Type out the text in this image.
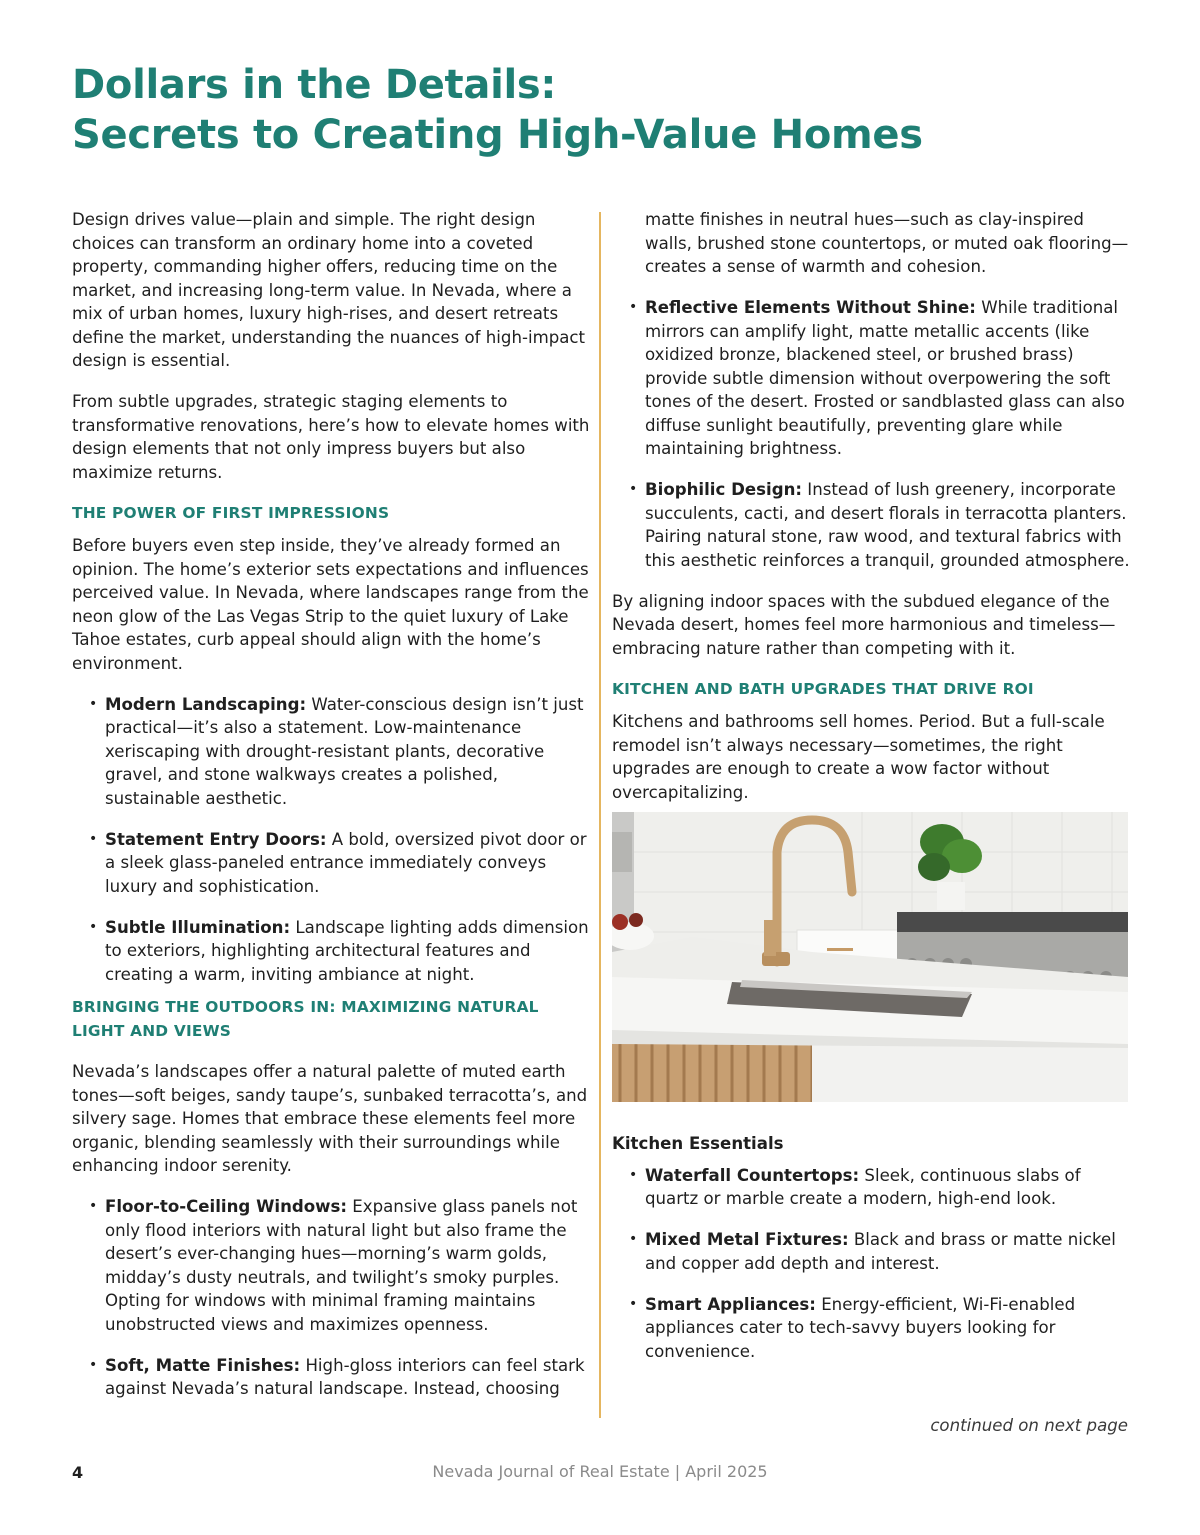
Dollars in the Details:
Secrets to Creating High-Value Homes

Design drives value—plain and simple. The right design choices can transform an ordinary home into a coveted property, commanding higher offers, reducing time on the market, and increasing long-term value. In Nevada, where a mix of urban homes, luxury high-rises, and desert retreats define the market, understanding the nuances of high-impact design is essential.

From subtle upgrades, strategic staging elements to transformative renovations, here’s how to elevate homes with design elements that not only impress buyers but also maximize returns.

THE POWER OF FIRST IMPRESSIONS

Before buyers even step inside, they’ve already formed an opinion. The home’s exterior sets expectations and influences perceived value. In Nevada, where landscapes range from the neon glow of the Las Vegas Strip to the quiet luxury of Lake Tahoe estates, curb appeal should align with the home’s environment.

• Modern Landscaping: Water-conscious design isn’t just practical—it’s also a statement. Low-maintenance xeriscaping with drought-resistant plants, decorative gravel, and stone walkways creates a polished, sustainable aesthetic.
• Statement Entry Doors: A bold, oversized pivot door or a sleek glass-paneled entrance immediately conveys luxury and sophistication.
• Subtle Illumination: Landscape lighting adds dimension to exteriors, highlighting architectural features and creating a warm, inviting ambiance at night.
BRINGING THE OUTDOORS IN: MAXIMIZING NATURAL LIGHT AND VIEWS

Nevada’s landscapes offer a natural palette of muted earth tones—soft beiges, sandy taupe’s, sunbaked terracotta’s, and silvery sage. Homes that embrace these elements feel more organic, blending seamlessly with their surroundings while enhancing indoor serenity.

• Floor-to-Ceiling Windows: Expansive glass panels not only flood interiors with natural light but also frame the desert’s ever-changing hues—morning’s warm golds, midday’s dusty neutrals, and twilight’s smoky purples. Opting for windows with minimal framing maintains unobstructed views and maximizes openness.
• Soft, Matte Finishes: High-gloss interiors can feel stark against Nevada’s natural landscape. Instead, choosing
matte finishes in neutral hues—such as clay-inspired walls, brushed stone countertops, or muted oak flooring—creates a sense of warmth and cohesion.
• Reflective Elements Without Shine: While traditional mirrors can amplify light, matte metallic accents (like oxidized bronze, blackened steel, or brushed brass) provide subtle dimension without overpowering the soft tones of the desert. Frosted or sandblasted glass can also diffuse sunlight beautifully, preventing glare while maintaining brightness.
• Biophilic Design: Instead of lush greenery, incorporate succulents, cacti, and desert florals in terracotta planters. Pairing natural stone, raw wood, and textural fabrics with this aesthetic reinforces a tranquil, grounded atmosphere.

By aligning indoor spaces with the subdued elegance of the Nevada desert, homes feel more harmonious and timeless—embracing nature rather than competing with it.

KITCHEN AND BATH UPGRADES THAT DRIVE ROI

Kitchens and bathrooms sell homes. Period. But a full-scale remodel isn’t always necessary—sometimes, the right upgrades are enough to create a wow factor without overcapitalizing.

Kitchen Essentials
• Waterfall Countertops: Sleek, continuous slabs of quartz or marble create a modern, high-end look.
• Mixed Metal Fixtures: Black and brass or matte nickel and copper add depth and interest.
• Smart Appliances: Energy-efficient, Wi-Fi-enabled appliances cater to tech-savvy buyers looking for convenience.
continued on next page
4	Nevada Journal of Real Estate | April 2025
